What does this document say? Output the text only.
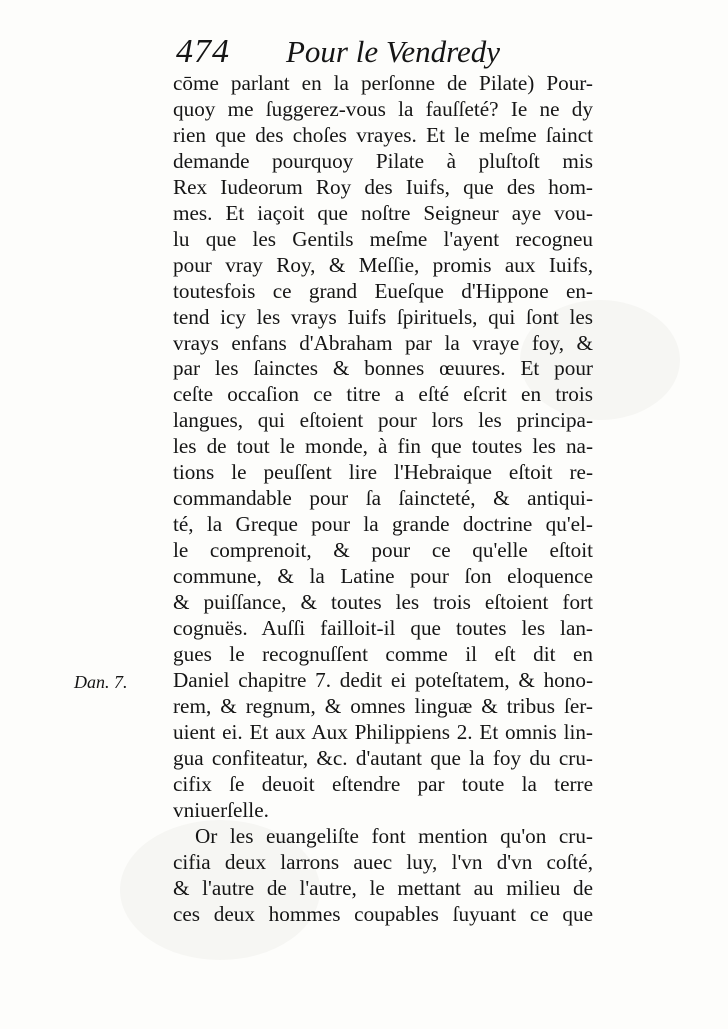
474 Pour le Vendredy
Dan. 7.
cōme parlant en la perſonne de Pilate) Pour-
quoy me ſuggerez-vous la fauſſeté? Ie ne dy
rien que des choſes vrayes. Et le meſme ſainct
demande pourquoy Pilate à pluſtoſt mis
Rex Iudeorum Roy des Iuifs, que des hom-
mes. Et iaçoit que noſtre Seigneur aye vou-
lu que les Gentils meſme l'ayent recogneu
pour vray Roy, & Meſſie, promis aux Iuifs,
toutesfois ce grand Eueſque d'Hippone en-
tend icy les vrays Iuifs ſpirituels, qui ſont les
vrays enfans d'Abraham par la vraye foy, &
par les ſainctes & bonnes œuures. Et pour
ceſte occaſion ce titre a eſté eſcrit en trois
langues, qui eſtoient pour lors les principa-
les de tout le monde, à fin que toutes les na-
tions le peuſſent lire l'Hebraique eſtoit re-
commandable pour ſa ſaincteté, & antiqui-
té, la Greque pour la grande doctrine qu'el-
le comprenoit, & pour ce qu'elle eſtoit
commune, & la Latine pour ſon eloquence
& puiſſance, & toutes les trois eſtoient fort
cognuës. Auſſi failloit-il que toutes les lan-
gues le recognuſſent comme il eſt dit en
Daniel chapitre 7. dedit ei poteſtatem, & hono-
rem, & regnum, & omnes linguæ & tribus ſer-
uient ei. Et aux Aux Philippiens 2. Et omnis lin-
gua confiteatur, &c. d'autant que la foy du cru-
cifix ſe deuoit eſtendre par toute la terre
vniuerſelle.
Or les euangeliſte font mention qu'on cru-
cifia deux larrons auec luy, l'vn d'vn coſté,
& l'autre de l'autre, le mettant au milieu de
ces deux hommes coupables ſuyuant ce que
